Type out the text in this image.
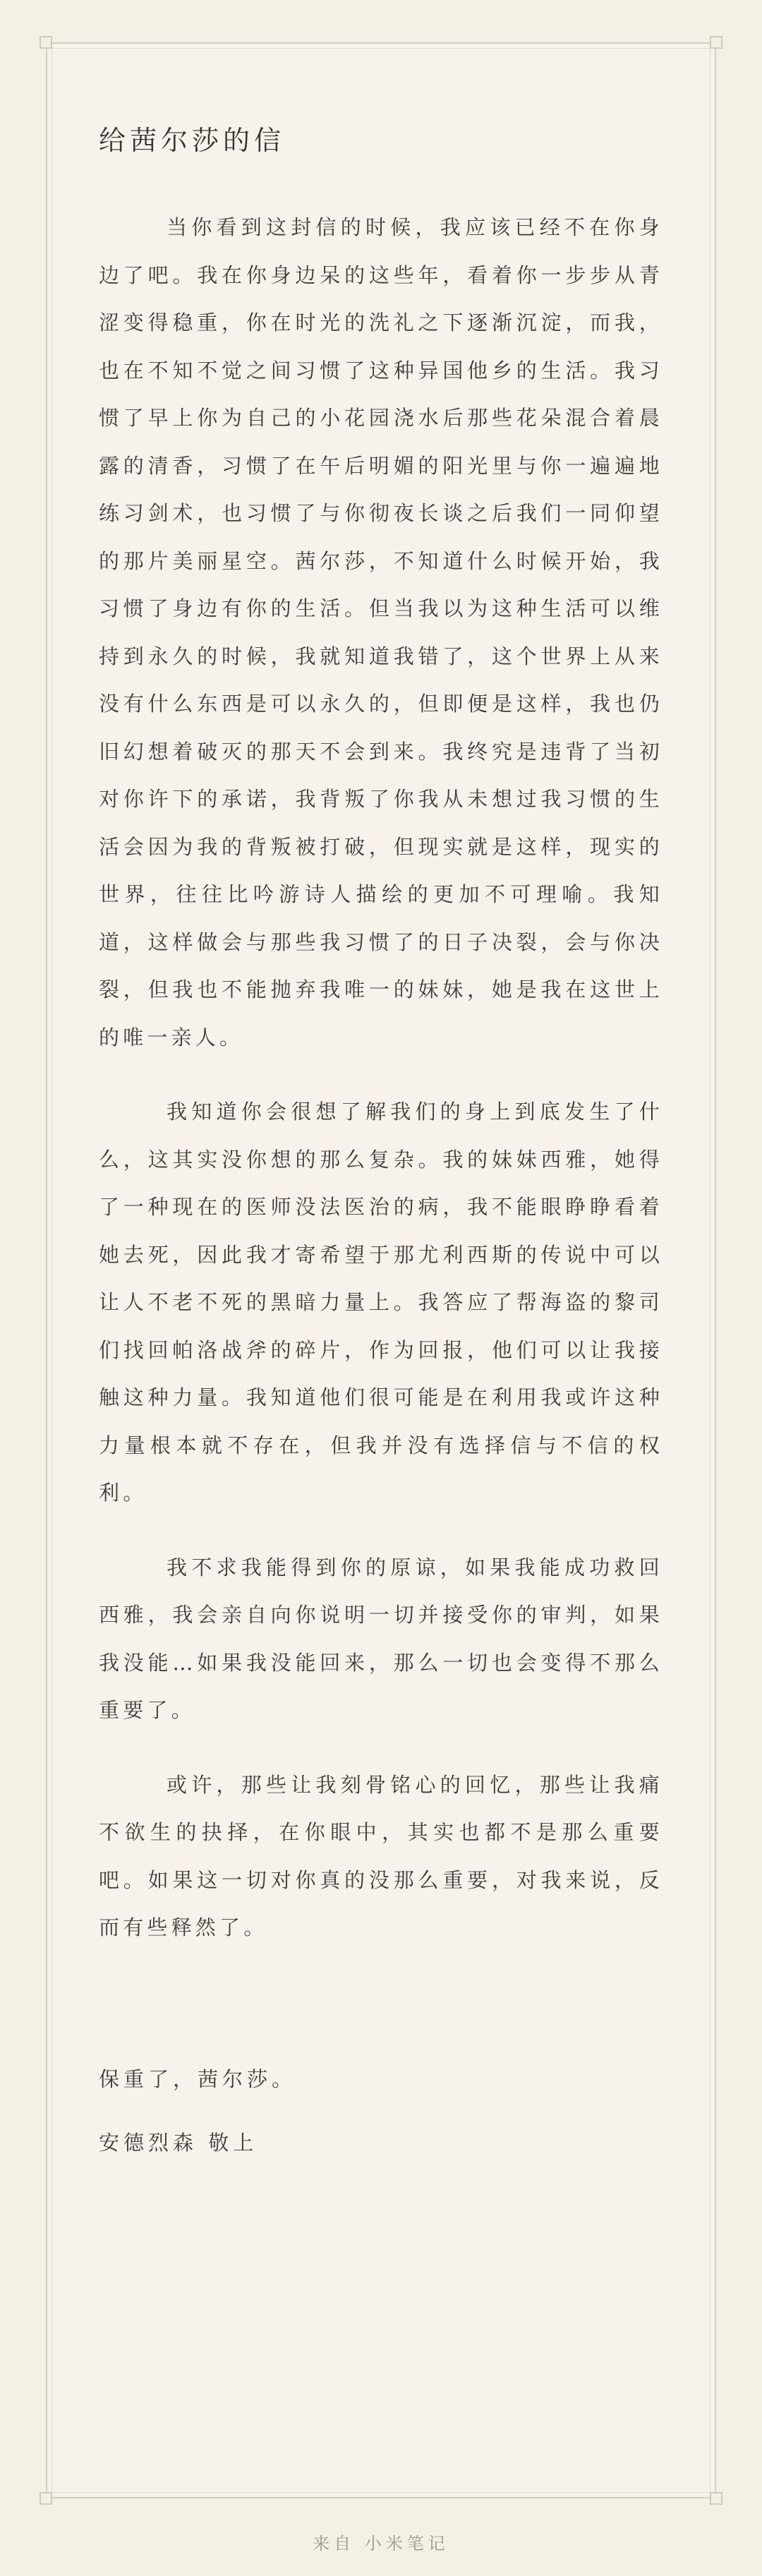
给茜尔莎的信

当你看到这封信的时候，我应该已经不在你身边了吧。我在你身边呆的这些年，看着你一步步从青涩变得稳重，你在时光的洗礼之下逐渐沉淀，而我，也在不知不觉之间习惯了这种异国他乡的生活。我习惯了早上你为自己的小花园浇水后那些花朵混合着晨露的清香，习惯了在午后明媚的阳光里与你一遍遍地练习剑术，也习惯了与你彻夜长谈之后我们一同仰望的那片美丽星空。茜尔莎，不知道什么时候开始，我习惯了身边有你的生活。但当我以为这种生活可以维持到永久的时候，我就知道我错了，这个世界上从来没有什么东西是可以永久的，但即便是这样，我也仍旧幻想着破灭的那天不会到来。我终究是违背了当初对你许下的承诺，我背叛了你我从未想过我习惯的生活会因为我的背叛被打破，但现实就是这样，现实的世界，往往比吟游诗人描绘的更加不可理喻。我知道，这样做会与那些我习惯了的日子决裂，会与你决裂，但我也不能抛弃我唯一的妹妹，她是我在这世上的唯一亲人。

我知道你会很想了解我们的身上到底发生了什么，这其实没你想的那么复杂。我的妹妹西雅，她得了一种现在的医师没法医治的病，我不能眼睁睁看着她去死，因此我才寄希望于那尤利西斯的传说中可以让人不老不死的黑暗力量上。我答应了帮海盗的黎司们找回帕洛战斧的碎片，作为回报，他们可以让我接触这种力量。我知道他们很可能是在利用我或许这种力量根本就不存在，但我并没有选择信与不信的权利。

我不求我能得到你的原谅，如果我能成功救回西雅，我会亲自向你说明一切并接受你的审判，如果我没能…如果我没能回来，那么一切也会变得不那么重要了。

或许，那些让我刻骨铭心的回忆，那些让我痛不欲生的抉择，在你眼中，其实也都不是那么重要吧。如果这一切对你真的没那么重要，对我来说，反而有些释然了。

保重了，茜尔莎。

安德烈森 敬上

来自 小米笔记
